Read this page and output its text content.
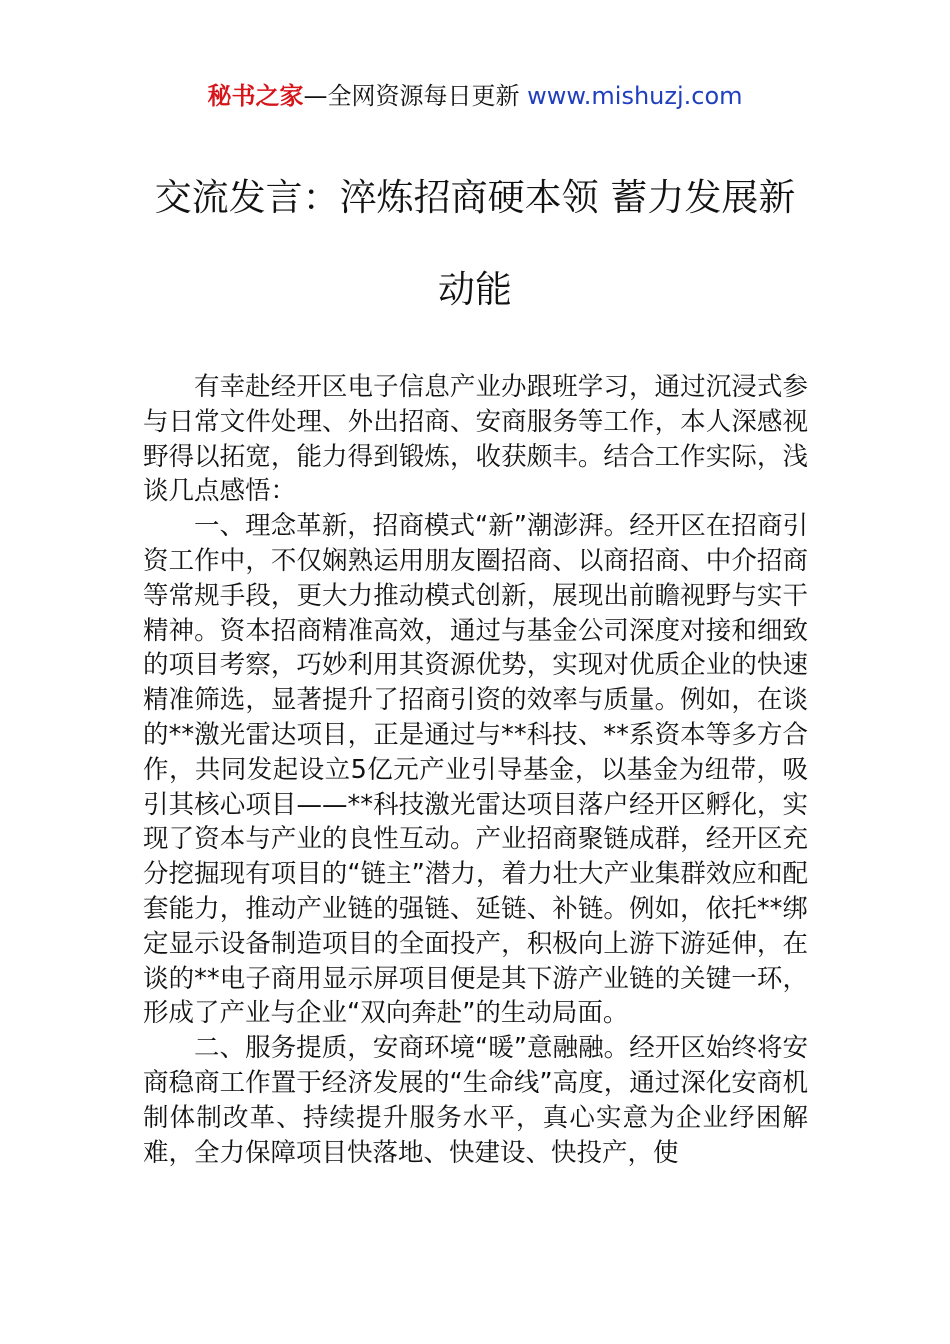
秘书之家—全网资源每日更新 www.mishuzj.com
交流发言：淬炼招商硬本领 蓄力发展新动能

有幸赴经开区电子信息产业办跟班学习，通过沉浸式参与日常文件处理、外出招商、安商服务等工作，本人深感视野得以拓宽，能力得到锻炼，收获颇丰。结合工作实际，浅谈几点感悟：

一、理念革新，招商模式“新”潮澎湃。经开区在招商引资工作中，不仅娴熟运用朋友圈招商、以商招商、中介招商等常规手段，更大力推动模式创新，展现出前瞻视野与实干精神。资本招商精准高效，通过与基金公司深度对接和细致的项目考察，巧妙利用其资源优势，实现对优质企业的快速精准筛选，显著提升了招商引资的效率与质量。例如，在谈的**激光雷达项目，正是通过与**科技、**系资本等多方合作，共同发起设立5亿元产业引导基金，以基金为纽带，吸引其核心项目——**科技激光雷达项目落户经开区孵化，实现了资本与产业的良性互动。产业招商聚链成群，经开区充分挖掘现有项目的“链主”潜力，着力壮大产业集群效应和配套能力，推动产业链的强链、延链、补链。例如，依托**绑定显示设备制造项目的全面投产，积极向上游下游延伸，在谈的**电子商用显示屏项目便是其下游产业链的关键一环，形成了产业与企业“双向奔赴”的生动局面。

二、服务提质，安商环境“暖”意融融。经开区始终将安商稳商工作置于经济发展的“生命线”高度，通过深化安商机制体制改革、持续提升服务水平，真心实意为企业纾困解难，全力保障项目快落地、快建设、快投产，使
